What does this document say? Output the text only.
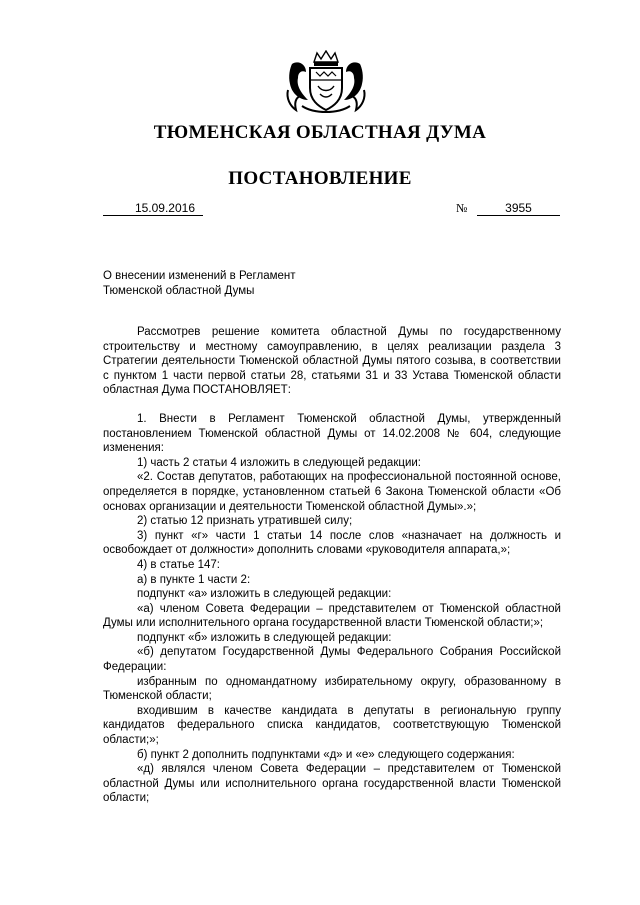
ТЮМЕНСКАЯ ОБЛАСТНАЯ ДУМА
ПОСТАНОВЛЕНИЕ
15.09.2016	№	3955
О внесении изменений в Регламент
Тюменской областной Думы

Рассмотрев решение комитета областной Думы по государственному строительству и местному самоуправлению, в целях реализации раздела 3 Стратегии деятельности Тюменской областной Думы пятого созыва, в соответствии с пунктом 1 части первой статьи 28, статьями 31 и 33 Устава Тюменской области областная Дума ПОСТАНОВЛЯЕТ:

1. Внести в Регламент Тюменской областной Думы, утвержденный постановлением Тюменской областной Думы от 14.02.2008 № 604, следующие изменения:

1) часть 2 статьи 4 изложить в следующей редакции:

«2. Состав депутатов, работающих на профессиональной постоянной основе, определяется в порядке, установленном статьей 6 Закона Тюменской области «Об основах организации и деятельности Тюменской областной Думы».»;

2) статью 12 признать утратившей силу;

3) пункт «г» части 1 статьи 14 после слов «назначает на должность и освобождает от должности» дополнить словами «руководителя аппарата,»;

4) в статье 147:

а) в пункте 1 части 2:

подпункт «а» изложить в следующей редакции:

«а) членом Совета Федерации – представителем от Тюменской областной Думы или исполнительного органа государственной власти Тюменской области;»;

подпункт «б» изложить в следующей редакции:

«б) депутатом Государственной Думы Федерального Собрания Российской Федерации:

избранным по одномандатному избирательному округу, образованному в Тюменской области;

входившим в качестве кандидата в депутаты в региональную группу кандидатов федерального списка кандидатов, соответствующую Тюменской области;»;

б) пункт 2 дополнить подпунктами «д» и «е» следующего содержания:

«д) являлся членом Совета Федерации – представителем от Тюменской областной Думы или исполнительного органа государственной власти Тюменской области;
